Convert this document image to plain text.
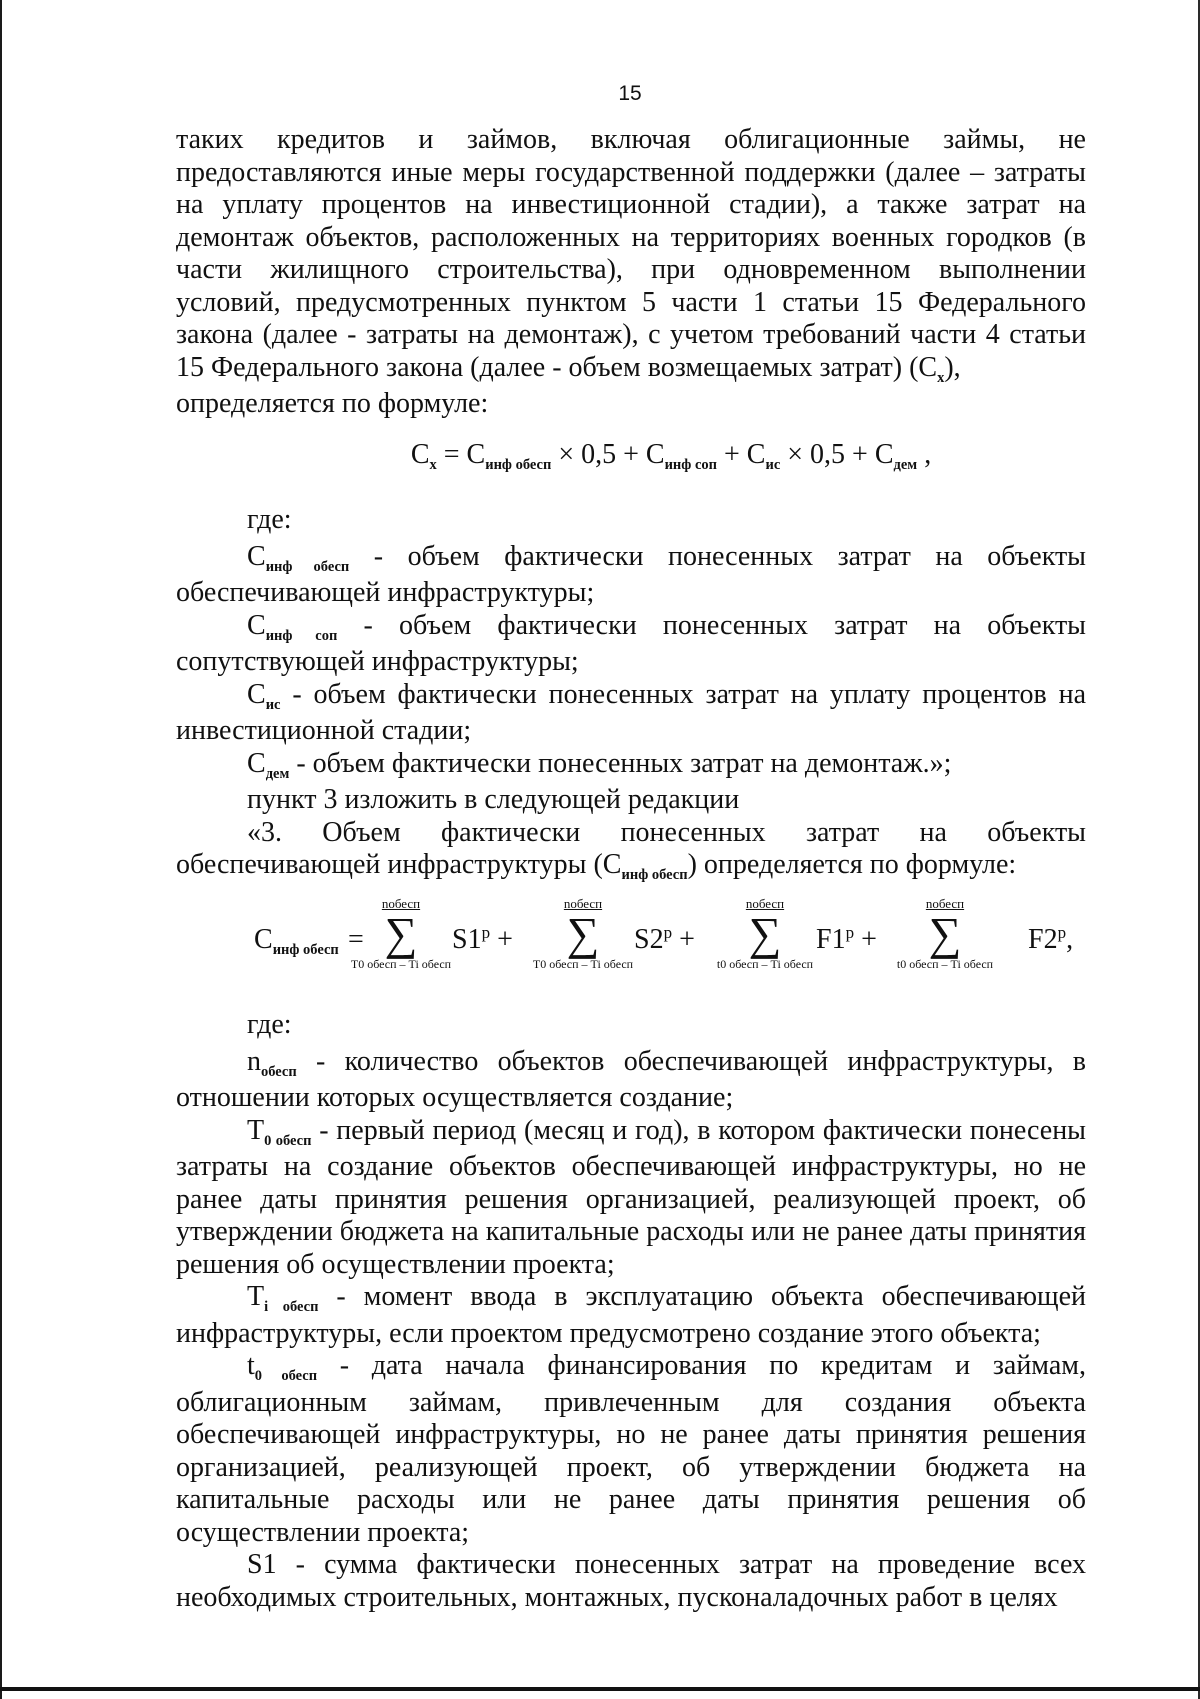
15

таких кредитов и займов, включая облигационные займы, не предоставляются иные меры государственной поддержки (далее – затраты на уплату процентов на инвестиционной стадии), а также затрат на демонтаж объектов, расположенных на территориях военных городков (в части жилищного строительства), при одновременном выполнении условий, предусмотренных пунктом 5 части 1 статьи 15 Федерального закона (далее - затраты на демонтаж), с учетом требований части 4 статьи 15 Федерального закона (далее - объем возмещаемых затрат) $(C_x)$,

определяется по формуле:

$C_x = C_{инф обесп} \times 0,5 + C_{инф соп} + C_{ис} \times 0,5 + C_{дем}$ ,
где:

$C_{инф обесп}$ - объем фактически понесенных затрат на объекты обеспечивающей инфраструктуры;

$C_{инф соп}$ - объем фактически понесенных затрат на объекты сопутствующей инфраструктуры;

$C_{ис}$ - объем фактически понесенных затрат на уплату процентов на инвестиционной стадии;

$C_{дем}$ - объем фактически понесенных затрат на демонтаж.»;

пункт 3 изложить в следующей редакции

«3. Объем фактически понесенных затрат на объекты обеспечивающей инфраструктуры $(C_{инф обесп})$ определяется по формуле:

$C_{инф обесп}$ =
nобесп
∑
T0 обесп – Ti обесп
$S1^p$ +
nобесп
∑
T0 обесп – Ti обесп
$S2^p$ +
nобесп
∑
t0 обесп – Ti обесп
$F1^p$ +
nобесп
∑
t0 обесп – Ti обесп
F2$^p$,
где:

$n_{обесп}$ - количество объектов обеспечивающей инфраструктуры, в отношении которых осуществляется создание;

$T_{0 обесп}$ - первый период (месяц и год), в котором фактически понесены затраты на создание объектов обеспечивающей инфраструктуры, но не ранее даты принятия решения организацией, реализующей проект, об утверждении бюджета на капитальные расходы или не ранее даты принятия решения об осуществлении проекта;

$T_{i обесп}$ - момент ввода в эксплуатацию объекта обеспечивающей инфраструктуры, если проектом предусмотрено создание этого объекта;

$t_{0 обесп}$ - дата начала финансирования по кредитам и займам, облигационным займам, привлеченным для создания объекта обеспечивающей инфраструктуры, но не ранее даты принятия решения организацией, реализующей проект, об утверждении бюджета на капитальные расходы или не ранее даты принятия решения об осуществлении проекта;

S1 - сумма фактически понесенных затрат на проведение всех необходимых строительных, монтажных, пусконаладочных работ в целях
